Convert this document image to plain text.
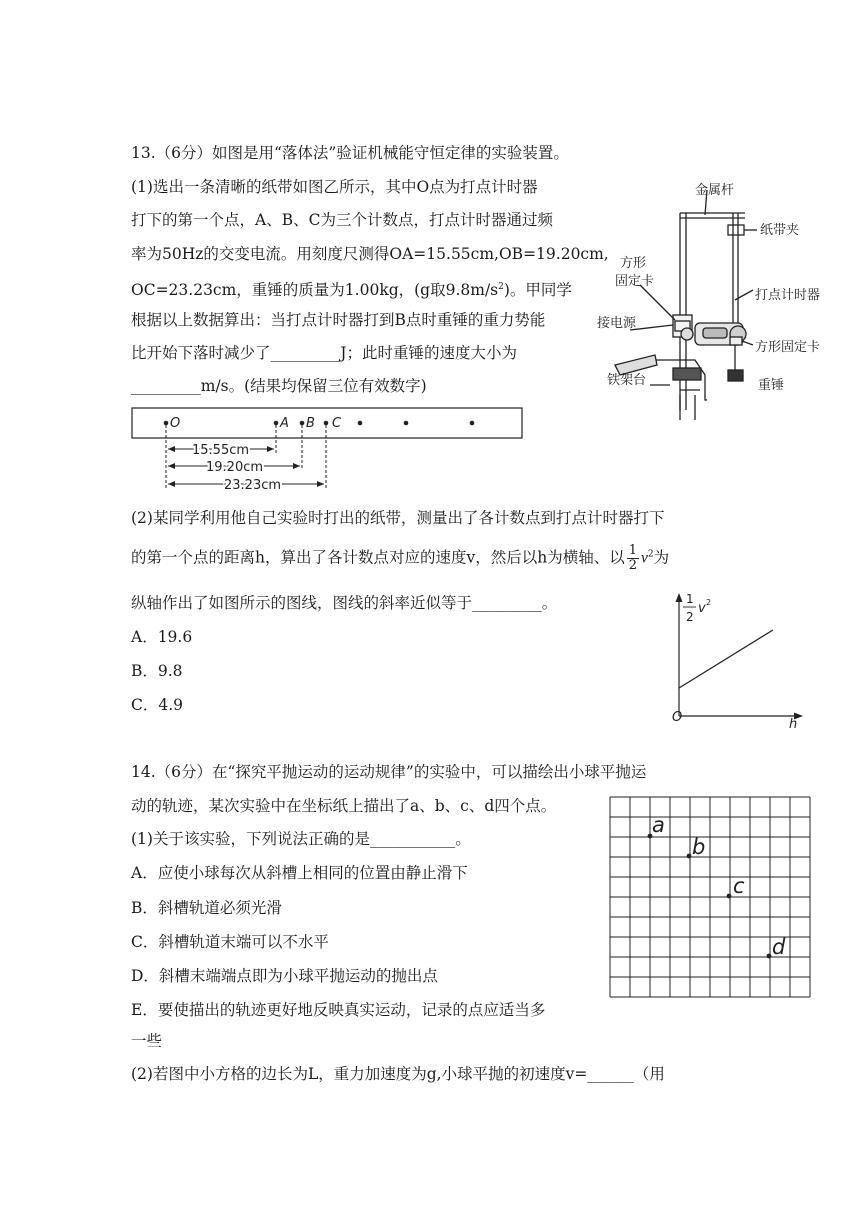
13.（6分）如图是用“落体法”验证机械能守恒定律的实验装置。
(1)选出一条清晰的纸带如图乙所示，其中O点为打点计时器
打下的第一个点，A、B、C为三个计数点，打点计时器通过频
率为50Hz的交变电流。用刻度尺测得OA=15.55cm,OB=19.20cm,
OC=23.23cm，重锤的质量为1.00kg，(g取$9.8m/s^2$)。甲同学
根据以上数据算出：当打点计时器打到B点时重锤的重力势能
比开始下落时减少了_________J；此时重锤的速度大小为
_________m/s。(结果均保留三位有效数字)
金属杆
纸带夹
方形
固定卡
打点计时器
接电源
方形固定卡
铁架台	重锤
O	A B C
15.55cm
19.20cm
23.23cm
(2)某同学利用他自己实验时打出的纸带，测量出了各计数点到打点计时器打下
的第一个点的距离h，算出了各计数点对应的速度v，然后以h为横轴、以 $\frac{1}{2} v^2$为
纵轴作出了如图所示的图线，图线的斜率近似等于_________。
A．19.6
B．9.8
C．4.9
1
2
v 2
O	h
14.（6分）在“探究平抛运动的运动规律”的实验中，可以描绘出小球平抛运
动的轨迹，某次实验中在坐标纸上描出了a、b、c、d四个点。
(1)关于该实验，下列说法正确的是___________。
A．应使小球每次从斜槽上相同的位置由静止滑下
B．斜槽轨道必须光滑
C．斜槽轨道末端可以不水平
D．斜槽末端端点即为小球平抛运动的抛出点
E．要使描出的轨迹更好地反映真实运动，记录的点应适当多
一些
(2)若图中小方格的边长为L，重力加速度为g,小球平抛的初速度v=______（用
a
b
c
d
